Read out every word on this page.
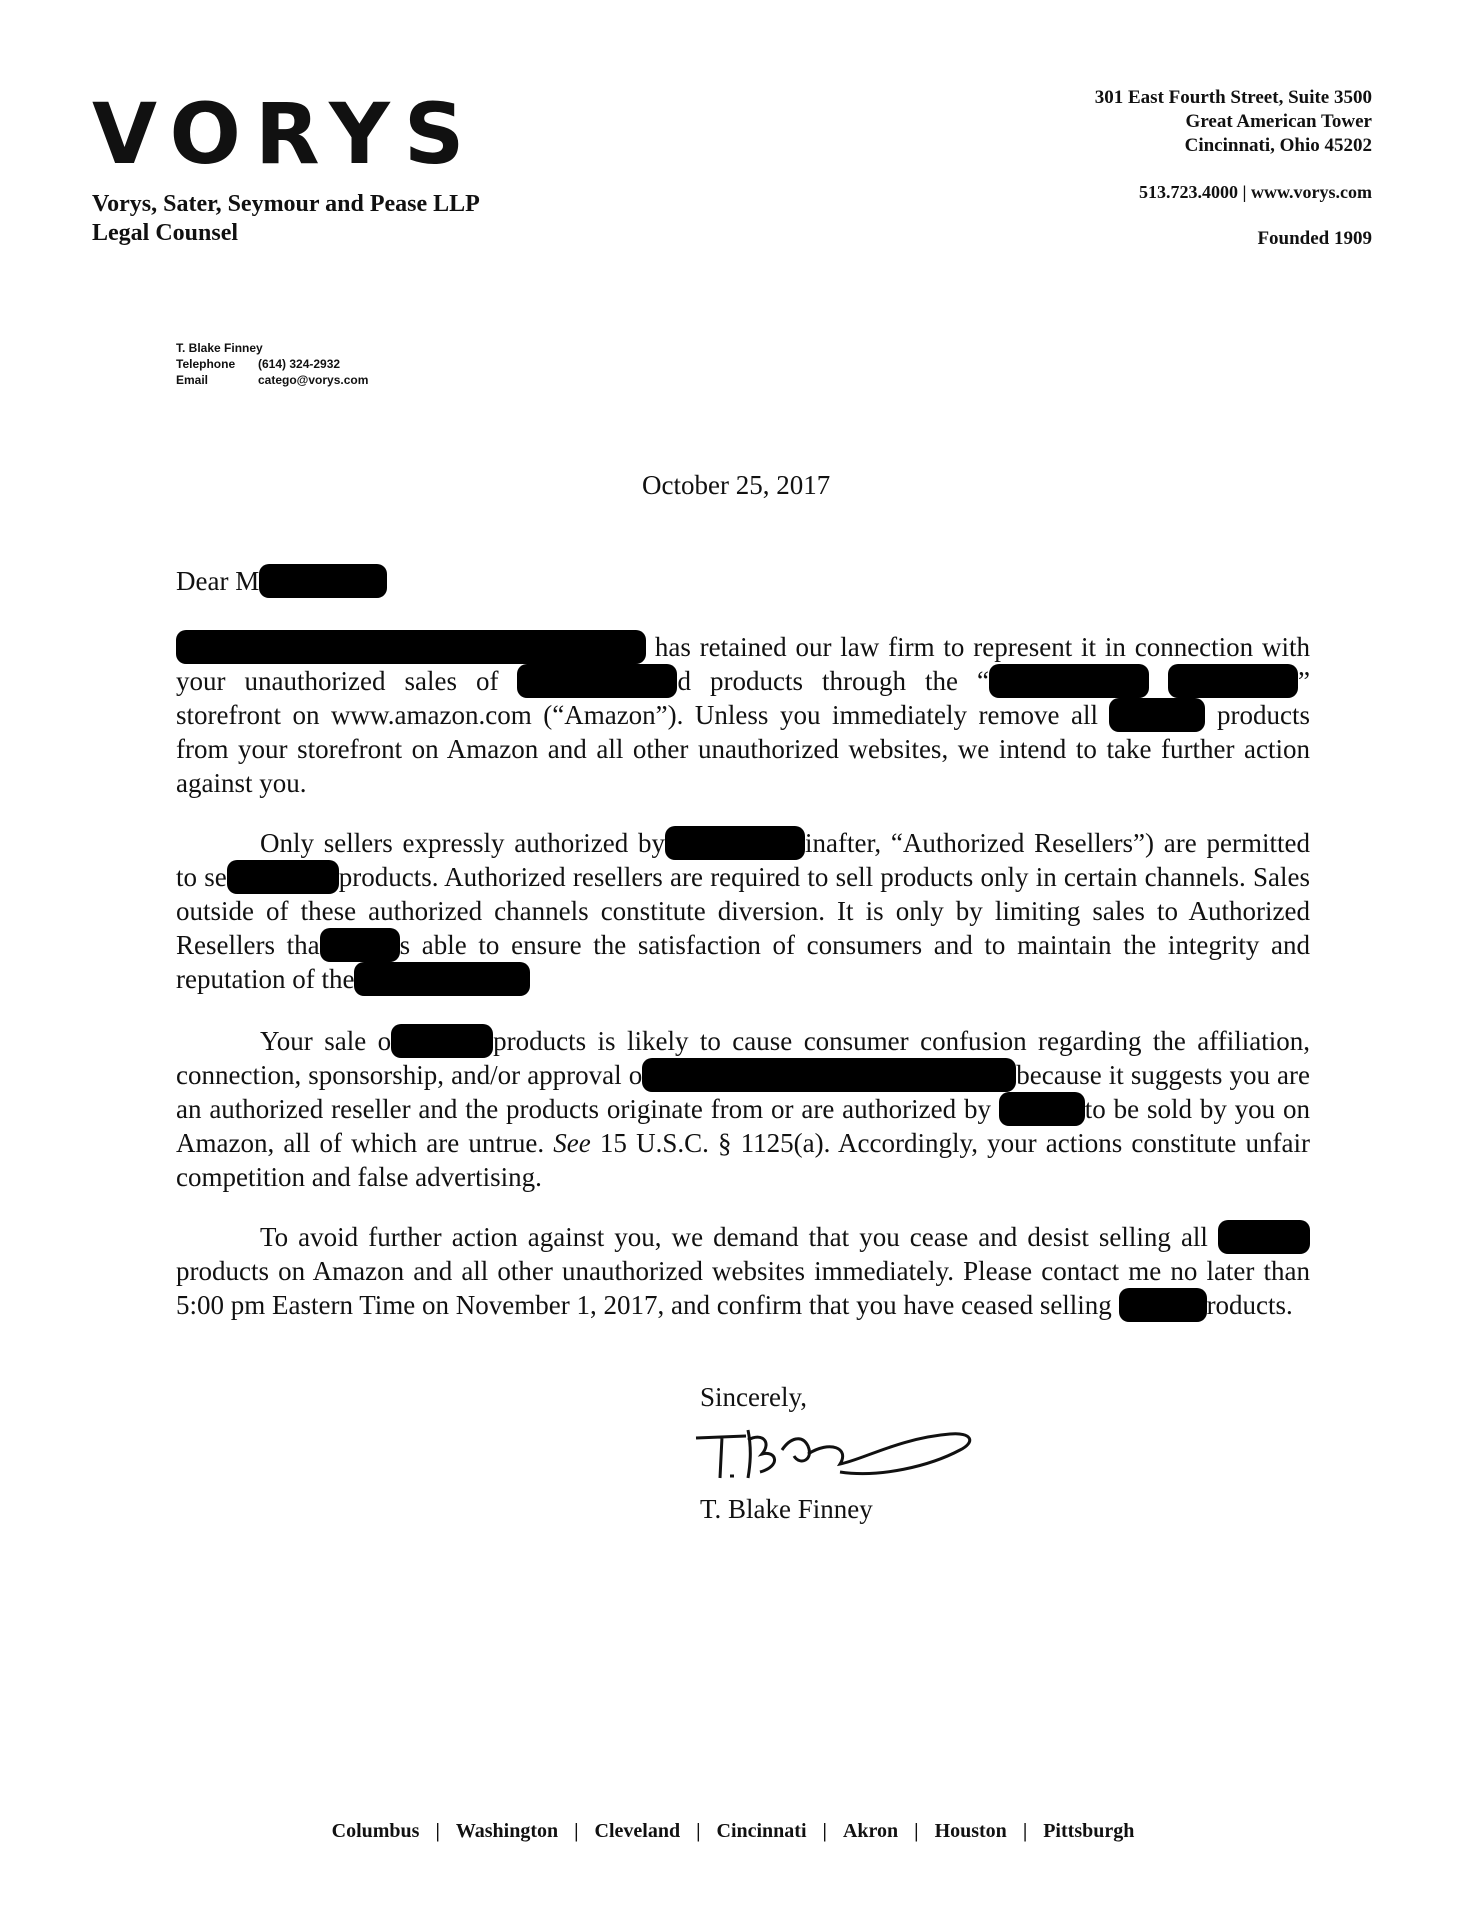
VORYS
Vorys, Sater, Seymour and Pease LLP
Legal Counsel
301 East Fourth Street, Suite 3500
Great American Tower
Cincinnati, Ohio 45202
513.723.4000 | www.vorys.com
Founded 1909
T. Blake Finney
Telephone (614) 324-2932
Email	catego@vorys.com
October 25, 2017
Dear M

has retained our law firm to represent it in connection with your unauthorized sales of	d products through the “	” storefront on www.amazon.com (“Amazon”). Unless you immediately remove all	products from your storefront on Amazon and all other unauthorized websites, we intend to take further action against you.

Only sellers expressly authorized by	inafter, “Authorized Resellers”) are permitted to se	products. Authorized resellers are required to sell products only in certain channels. Sales outside of these authorized channels constitute diversion. It is only by limiting sales to Authorized Resellers tha	s able to ensure the satisfaction of consumers and to maintain the integrity and reputation of the

Your sale o	products is likely to cause consumer confusion regarding the affiliation, connection, sponsorship, and/or approval o	because it suggests you are an authorized reseller and the products originate from or are authorized by	to be sold by you on Amazon, all of which are untrue. See 15 U.S.C. § 1125(a). Accordingly, your actions constitute unfair competition and false advertising.

To avoid further action against you, we demand that you cease and desist selling all products on Amazon and all other unauthorized websites immediately. Please contact me no later than 5:00 pm Eastern Time on November 1, 2017, and confirm that you have ceased selling	roducts.

Sincerely,
T. Blake Finney
Columbus | Washington | Cleveland | Cincinnati | Akron | Houston | Pittsburgh
